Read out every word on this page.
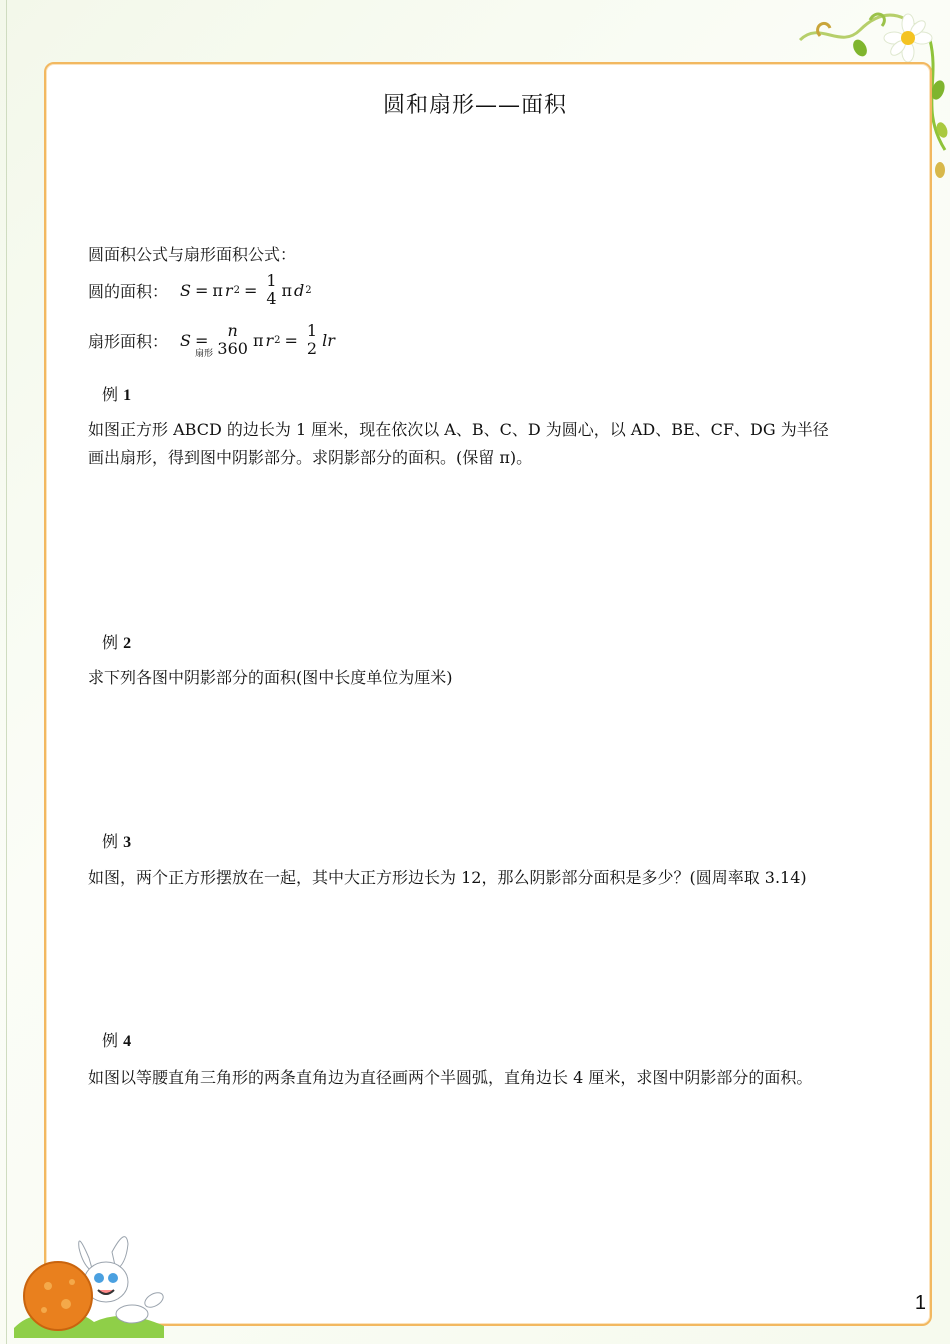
圆和扇形——面积
圆面积公式与扇形面积公式：
圆的面积： S = π r 2 = 1
4 π d 2
扇形面积： S
扇形
= n
360 π r 2 = 1
2 lr
例 1
如图正方形 ABCD 的边长为 1 厘米，现在依次以 A、B、C、D 为圆心，以 AD、BE、CF、DG 为半径
画出扇形，得到图中阴影部分。求阴影部分的面积。(保留 π)。
例 2
求下列各图中阴影部分的面积(图中长度单位为厘米)
例 3
如图，两个正方形摆放在一起，其中大正方形边长为 12，那么阴影部分面积是多少？(圆周率取 3.14)
例 4
如图以等腰直角三角形的两条直角边为直径画两个半圆弧，直角边长 4 厘米，求图中阴影部分的面积。
1
